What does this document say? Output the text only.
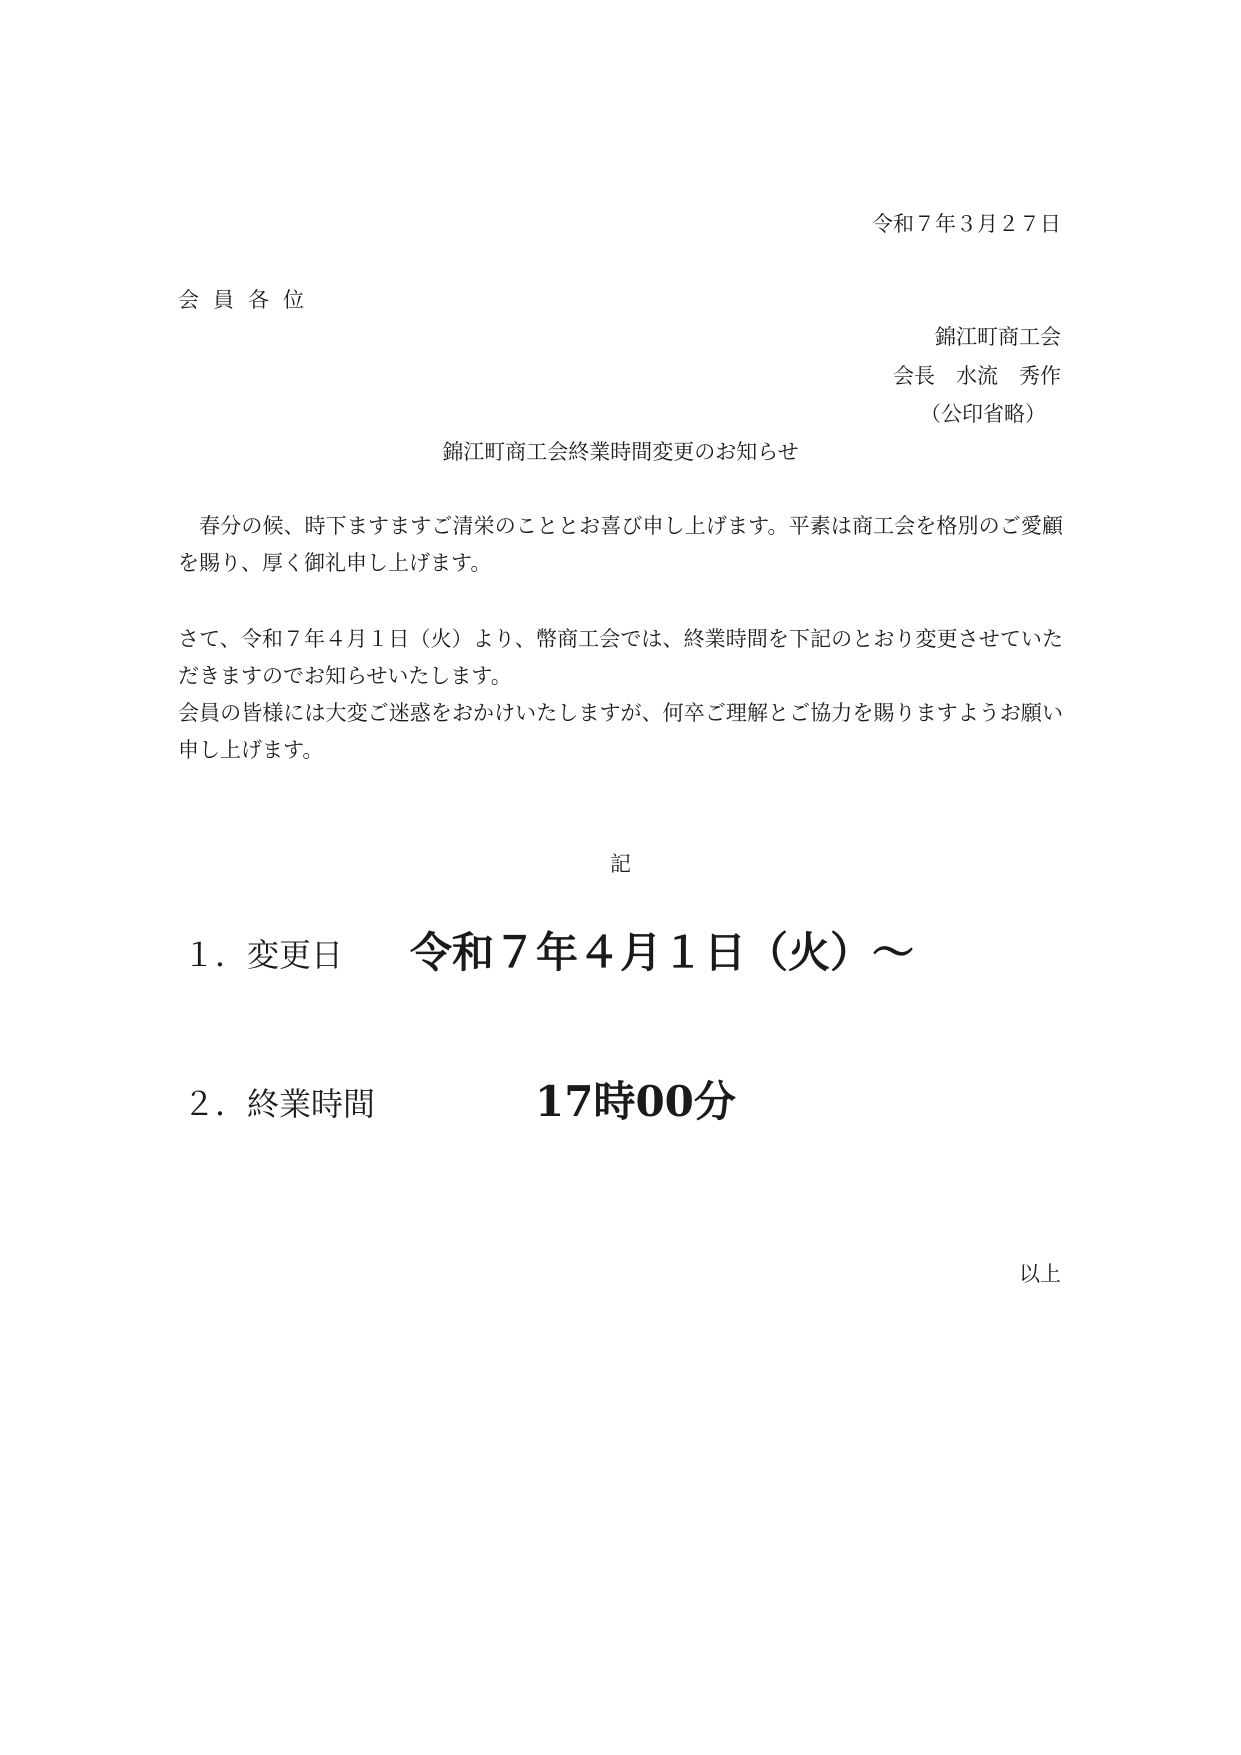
令和７年３月２７日
会員各位
錦江町商工会
会長　水流　秀作
（公印省略）
錦江町商工会終業時間変更のお知らせ
　春分の候、時下ますますご清栄のこととお喜び申し上げます。平素は商工会を格別のご愛顧を賜り、厚く御礼申し上げます。
さて、令和７年４月１日（火）より、幣商工会では、終業時間を下記のとおり変更させていただきますのでお知らせいたします。
会員の皆様には大変ご迷惑をおかけいたしますが、何卒ご理解とご協力を賜りますようお願い申し上げます。
記
１．変更日 令和７年４月１日（火）～
２．終業時間	17時00分
以上
